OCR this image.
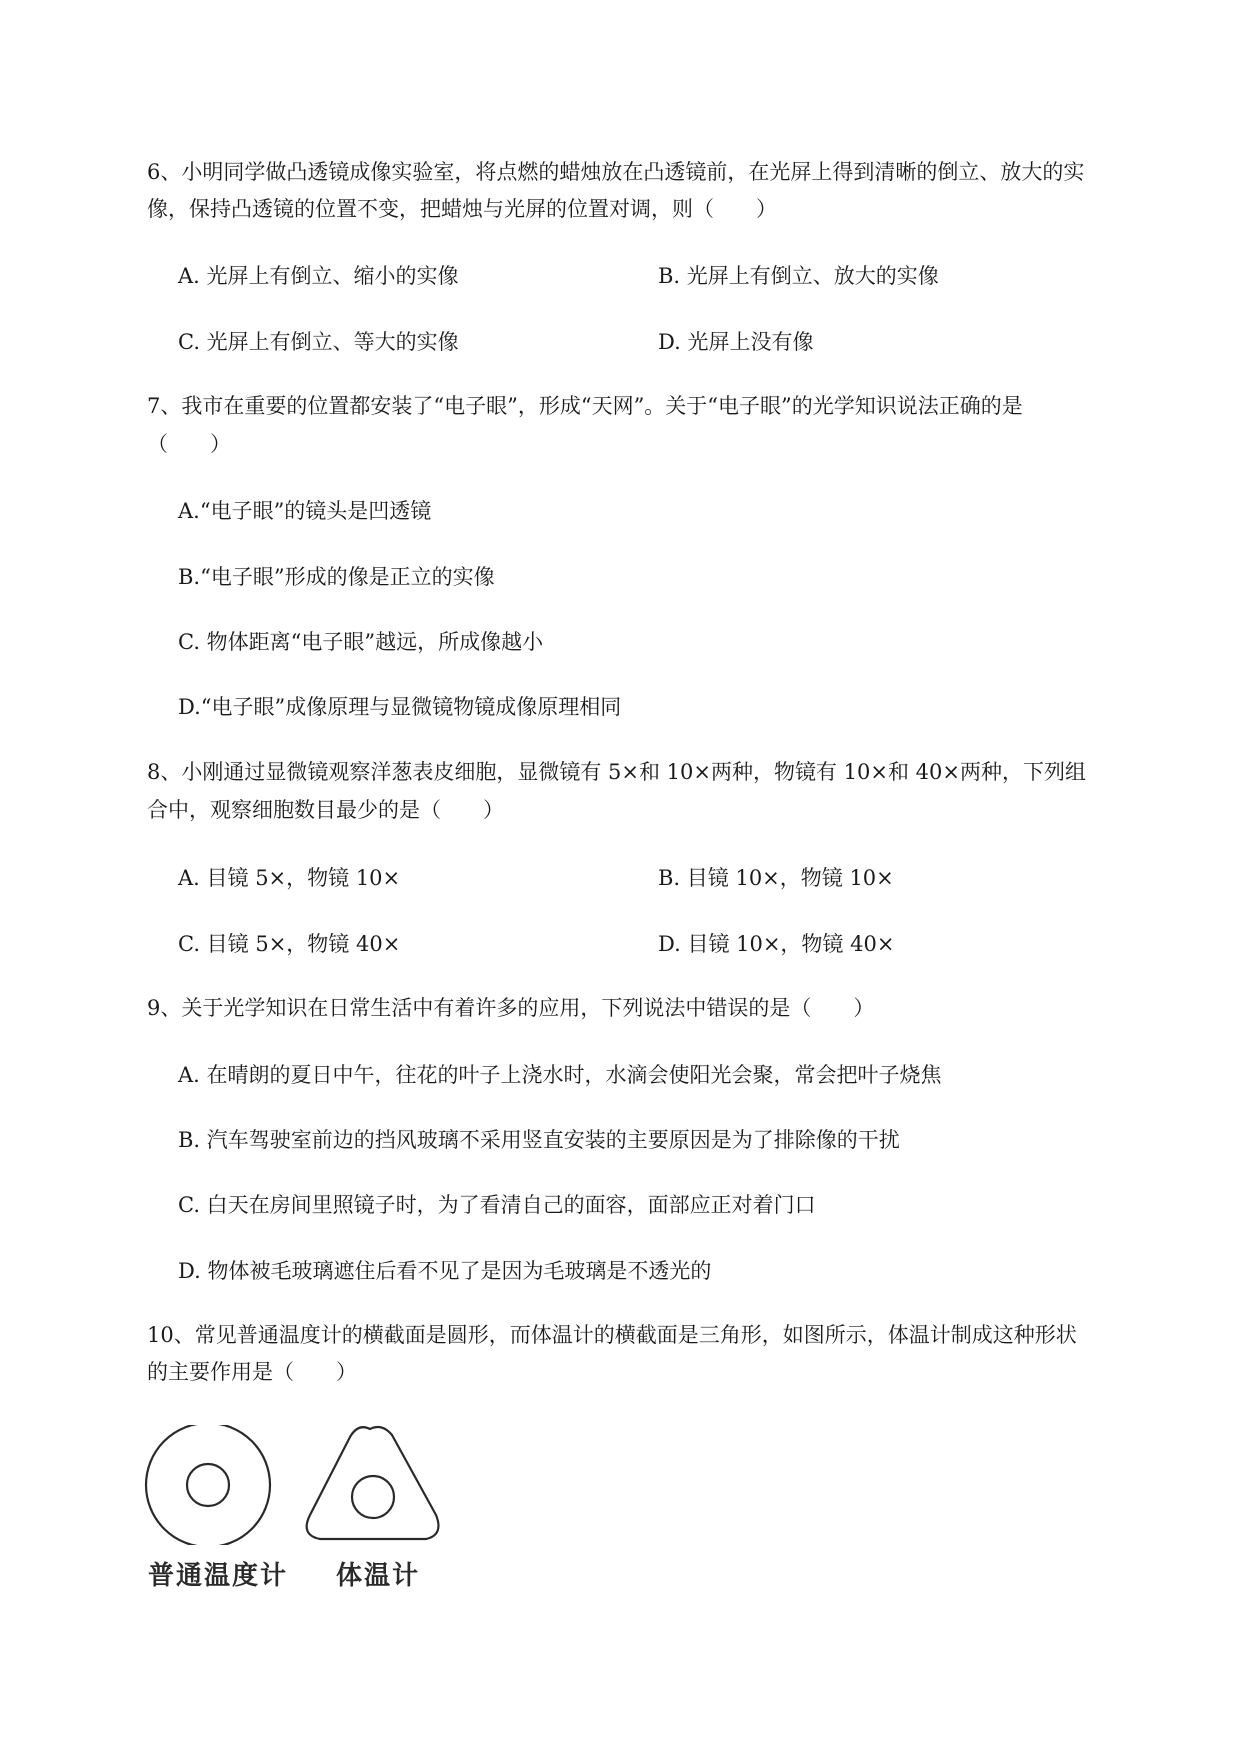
6、小明同学做凸透镜成像实验室，将点燃的蜡烛放在凸透镜前，在光屏上得到清晰的倒立、放大的实
像，保持凸透镜的位置不变，把蜡烛与光屏的位置对调，则（　　）
A. 光屏上有倒立、缩小的实像	B. 光屏上有倒立、放大的实像
C. 光屏上有倒立、等大的实像	D. 光屏上没有像
7、我市在重要的位置都安装了“电子眼”，形成“天网”。关于“电子眼”的光学知识说法正确的是
（　　）
A.“电子眼”的镜头是凹透镜
B.“电子眼”形成的像是正立的实像
C. 物体距离“电子眼”越远，所成像越小
D.“电子眼”成像原理与显微镜物镜成像原理相同
8、小刚通过显微镜观察洋葱表皮细胞，显微镜有 5×和 10×两种，物镜有 10×和 40×两种，下列组
合中，观察细胞数目最少的是（　　）
A. 目镜 5×，物镜 10×	B. 目镜 10×，物镜 10×
C. 目镜 5×，物镜 40×	D. 目镜 10×，物镜 40×
9、关于光学知识在日常生活中有着许多的应用，下列说法中错误的是（　　）
A. 在晴朗的夏日中午，往花的叶子上浇水时，水滴会使阳光会聚，常会把叶子烧焦
B. 汽车驾驶室前边的挡风玻璃不采用竖直安装的主要原因是为了排除像的干扰
C. 白天在房间里照镜子时，为了看清自己的面容，面部应正对着门口
D. 物体被毛玻璃遮住后看不见了是因为毛玻璃是不透光的
10、常见普通温度计的横截面是圆形，而体温计的横截面是三角形，如图所示，体温计制成这种形状
的主要作用是（　　）
普通温度计 体温计
